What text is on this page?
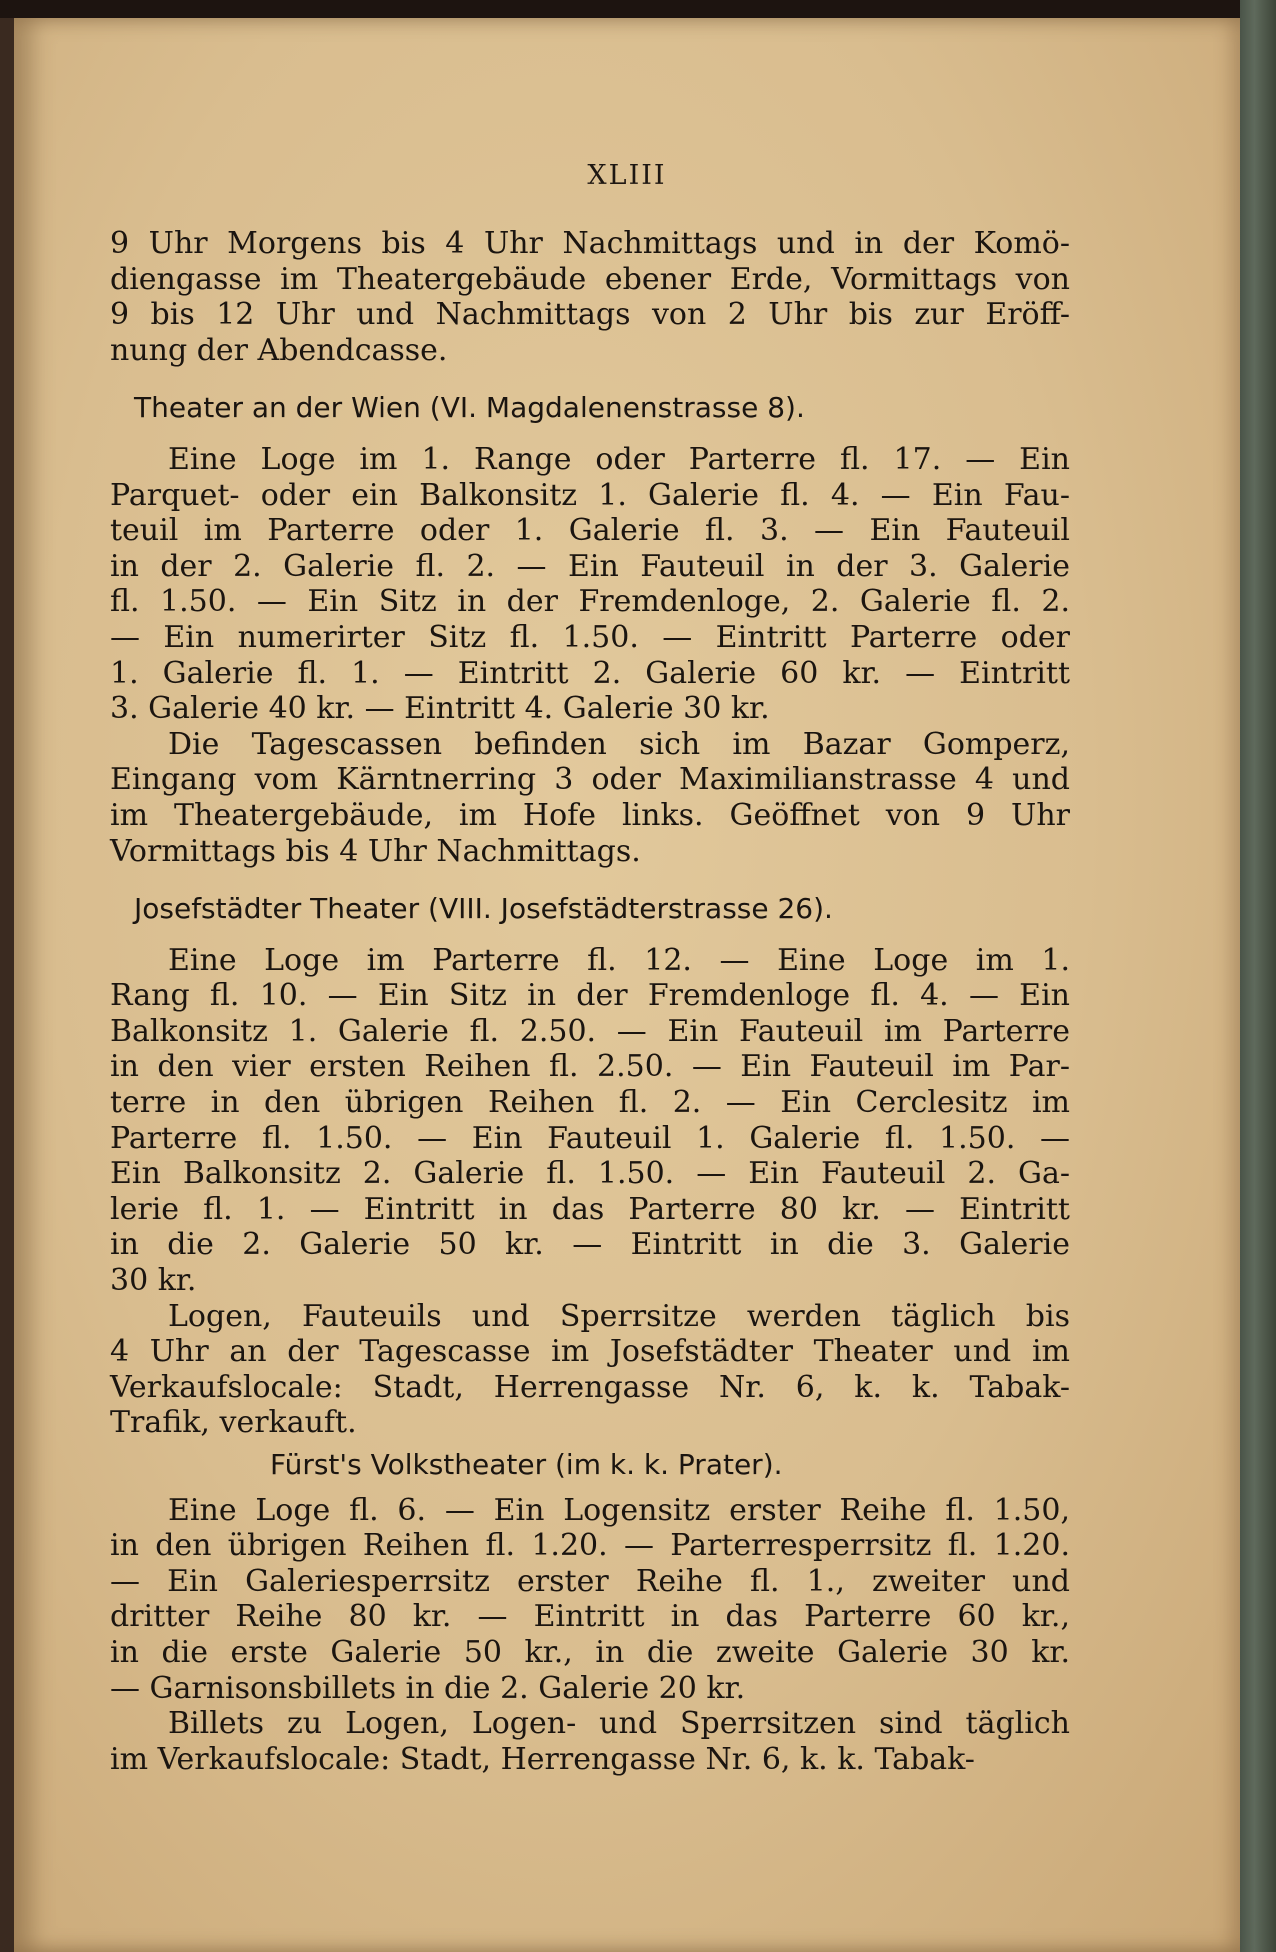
XLIII
9 Uhr Morgens bis 4 Uhr Nachmittags und in der Komö-
diengasse im Theatergebäude ebener Erde, Vormittags von
9 bis 12 Uhr und Nachmittags von 2 Uhr bis zur Eröff-
nung der Abendcasse.
Theater an der Wien (VI. Magdalenenstrasse 8).
Eine Loge im 1. Range oder Parterre fl. 17. — Ein
Parquet- oder ein Balkonsitz 1. Galerie fl. 4. — Ein Fau-
teuil im Parterre oder 1. Galerie fl. 3. — Ein Fauteuil
in der 2. Galerie fl. 2. — Ein Fauteuil in der 3. Galerie
fl. 1.50. — Ein Sitz in der Fremdenloge, 2. Galerie fl. 2.
— Ein numerirter Sitz fl. 1.50. — Eintritt Parterre oder
1. Galerie fl. 1. — Eintritt 2. Galerie 60 kr. — Eintritt
3. Galerie 40 kr. — Eintritt 4. Galerie 30 kr.
Die Tagescassen befinden sich im Bazar Gomperz,
Eingang vom Kärntnerring 3 oder Maximilianstrasse 4 und
im Theatergebäude, im Hofe links. Geöffnet von 9 Uhr
Vormittags bis 4 Uhr Nachmittags.
Josefstädter Theater (VIII. Josefstädterstrasse 26).
Eine Loge im Parterre fl. 12. — Eine Loge im 1.
Rang fl. 10. — Ein Sitz in der Fremdenloge fl. 4. — Ein
Balkonsitz 1. Galerie fl. 2.50. — Ein Fauteuil im Parterre
in den vier ersten Reihen fl. 2.50. — Ein Fauteuil im Par-
terre in den übrigen Reihen fl. 2. — Ein Cerclesitz im
Parterre fl. 1.50. — Ein Fauteuil 1. Galerie fl. 1.50. —
Ein Balkonsitz 2. Galerie fl. 1.50. — Ein Fauteuil 2. Ga-
lerie fl. 1. — Eintritt in das Parterre 80 kr. — Eintritt
in die 2. Galerie 50 kr. — Eintritt in die 3. Galerie
30 kr.
Logen, Fauteuils und Sperrsitze werden täglich bis
4 Uhr an der Tagescasse im Josefstädter Theater und im
Verkaufslocale: Stadt, Herrengasse Nr. 6, k. k. Tabak-
Trafik, verkauft.
Fürst's Volkstheater (im k. k. Prater).
Eine Loge fl. 6. — Ein Logensitz erster Reihe fl. 1.50,
in den übrigen Reihen fl. 1.20. — Parterresperrsitz fl. 1.20.
— Ein Galeriesperrsitz erster Reihe fl. 1., zweiter und
dritter Reihe 80 kr. — Eintritt in das Parterre 60 kr.,
in die erste Galerie 50 kr., in die zweite Galerie 30 kr.
— Garnisonsbillets in die 2. Galerie 20 kr.
Billets zu Logen, Logen- und Sperrsitzen sind täglich
im Verkaufslocale: Stadt, Herrengasse Nr. 6, k. k. Tabak-
